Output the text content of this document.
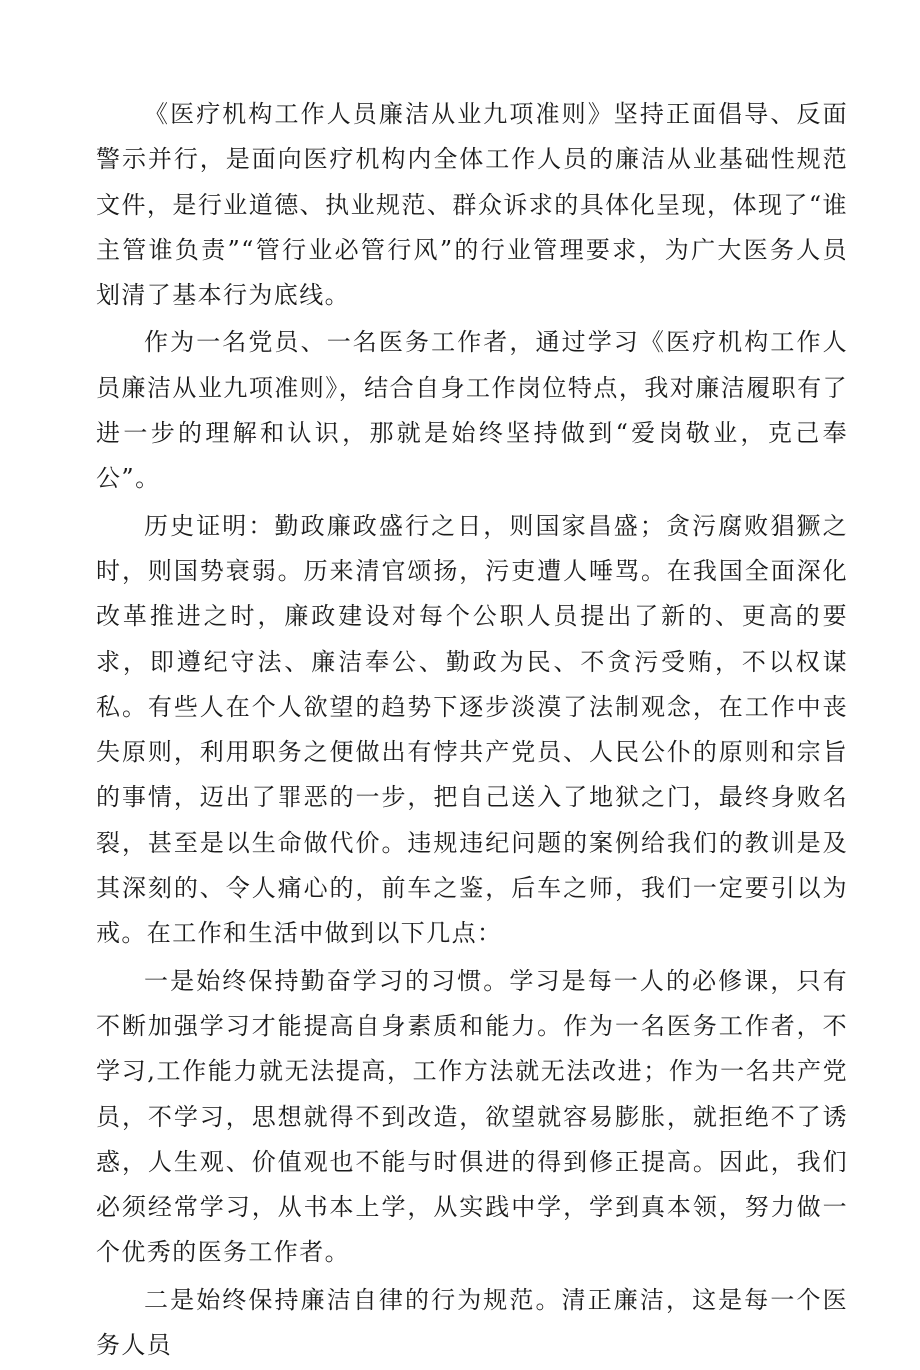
《医疗机构工作人员廉洁从业九项准则》坚持正面倡导、反面警示并行，是面向医疗机构内全体工作人员的廉洁从业基础性规范文件，是行业道德、执业规范、群众诉求的具体化呈现，体现了“谁主管谁负责”“管行业必管行风”的行业管理要求，为广大医务人员划清了基本行为底线。

作为一名党员、一名医务工作者，通过学习《医疗机构工作人员廉洁从业九项准则》，结合自身工作岗位特点，我对廉洁履职有了进一步的理解和认识，那就是始终坚持做到“爱岗敬业，克己奉公”。

历史证明：勤政廉政盛行之日，则国家昌盛；贪污腐败猖獗之时，则国势衰弱。历来清官颂扬，污吏遭人唾骂。在我国全面深化改革推进之时，廉政建设对每个公职人员提出了新的、更高的要求，即遵纪守法、廉洁奉公、勤政为民、不贪污受贿，不以权谋私。有些人在个人欲望的趋势下逐步淡漠了法制观念，在工作中丧失原则，利用职务之便做出有悖共产党员、人民公仆的原则和宗旨的事情，迈出了罪恶的一步，把自己送入了地狱之门，最终身败名裂，甚至是以生命做代价。违规违纪问题的案例给我们的教训是及其深刻的、令人痛心的，前车之鉴，后车之师，我们一定要引以为戒。在工作和生活中做到以下几点：

一是始终保持勤奋学习的习惯。学习是每一人的必修课，只有不断加强学习才能提高自身素质和能力。作为一名医务工作者，不学习,工作能力就无法提高，工作方法就无法改进；作为一名共产党员，不学习，思想就得不到改造，欲望就容易膨胀，就拒绝不了诱惑，人生观、价值观也不能与时俱进的得到修正提高。因此，我们必须经常学习，从书本上学，从实践中学，学到真本领，努力做一个优秀的医务工作者。

二是始终保持廉洁自律的行为规范。清正廉洁，这是每一个医务人员
